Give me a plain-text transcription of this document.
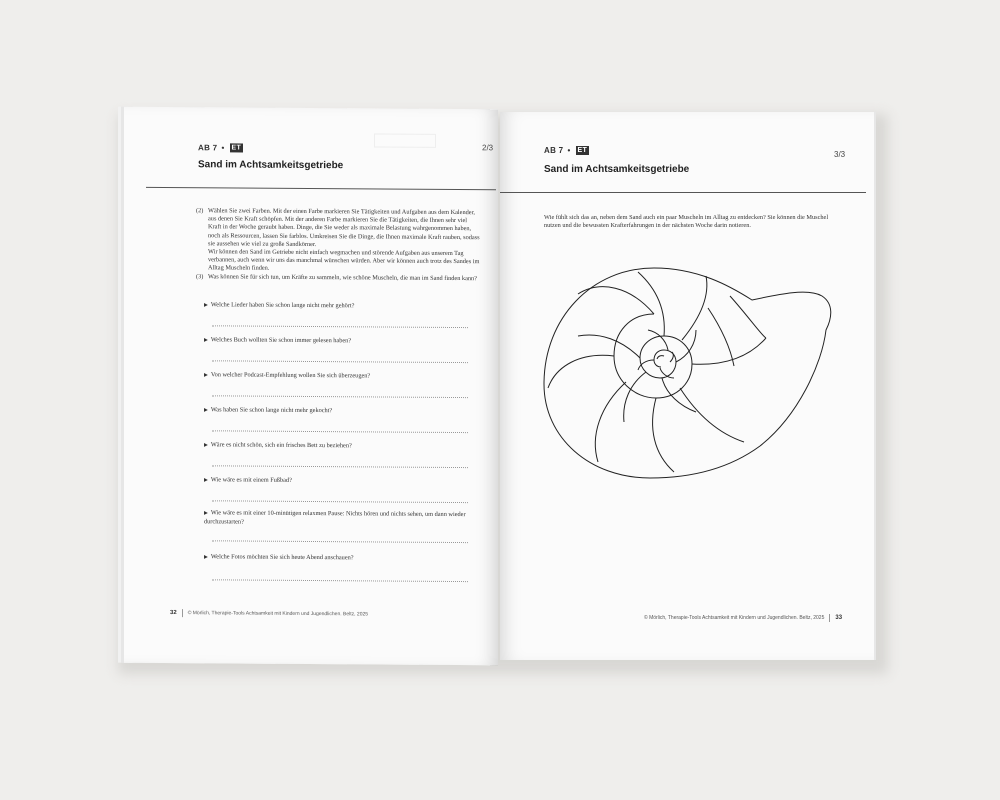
AB 7 • ET	2/3
Sand im Achtsamkeitsgetriebe
(2) Wählen Sie zwei Farben. Mit der einen Farbe markieren Sie Tätigkeiten und Aufgaben aus dem Kalender, aus denen Sie Kraft schöpfen. Mit der anderen Farbe markieren Sie die Tätigkeiten, die Ihnen sehr viel Kraft in der Woche geraubt haben. Dinge, die Sie weder als maximale Belastung wahrgenommen haben, noch als Ressourcen, lassen Sie farblos. Umkreisen Sie die Dinge, die Ihnen maximale Kraft rauben, sodass sie aussehen wie viel zu große Sandkörner.
Wir können den Sand im Getriebe nicht einfach wegmachen und störende Aufgaben aus unserem Tag verbannen, auch wenn wir uns das manchmal wünschen würden. Aber wir können auch trotz des Sandes im Alltag Muscheln finden.
(3) Was können Sie für sich tun, um Kräfte zu sammeln, wie schöne Muscheln, die man im Sand finden kann?
▶ Welche Lieder haben Sie schon lange nicht mehr gehört?
▶ Welches Buch wollten Sie schon immer gelesen haben?
▶ Von welcher Podcast-Empfehlung wollen Sie sich überzeugen?
▶ Was haben Sie schon lange nicht mehr gekocht?
▶ Wäre es nicht schön, sich ein frisches Bett zu beziehen?
▶ Wie wäre es mit einem Fußbad?
▶ Wie wäre es mit einer 10-minütigen relaxmen Pause: Nichts hören und nichts sehen, um dann wieder durchzustarten?
▶ Welche Fotos möchten Sie sich heute Abend anschauen?
32 © Mörlich, Therapie-Tools Achtsamkeit mit Kindern und Jugendlichen. Beltz, 2025
AB 7 • ET	3/3
Sand im Achtsamkeitsgetriebe
Wie fühlt sich das an, neben dem Sand auch ein paar Muscheln im Alltag zu entdecken? Sie können die Muschel nutzen und die bewussten Krafterfahrungen in der nächsten Woche darin notieren.
© Mörlich, Therapie-Tools Achtsamkeit mit Kindern und Jugendlichen. Beltz, 2025 33
